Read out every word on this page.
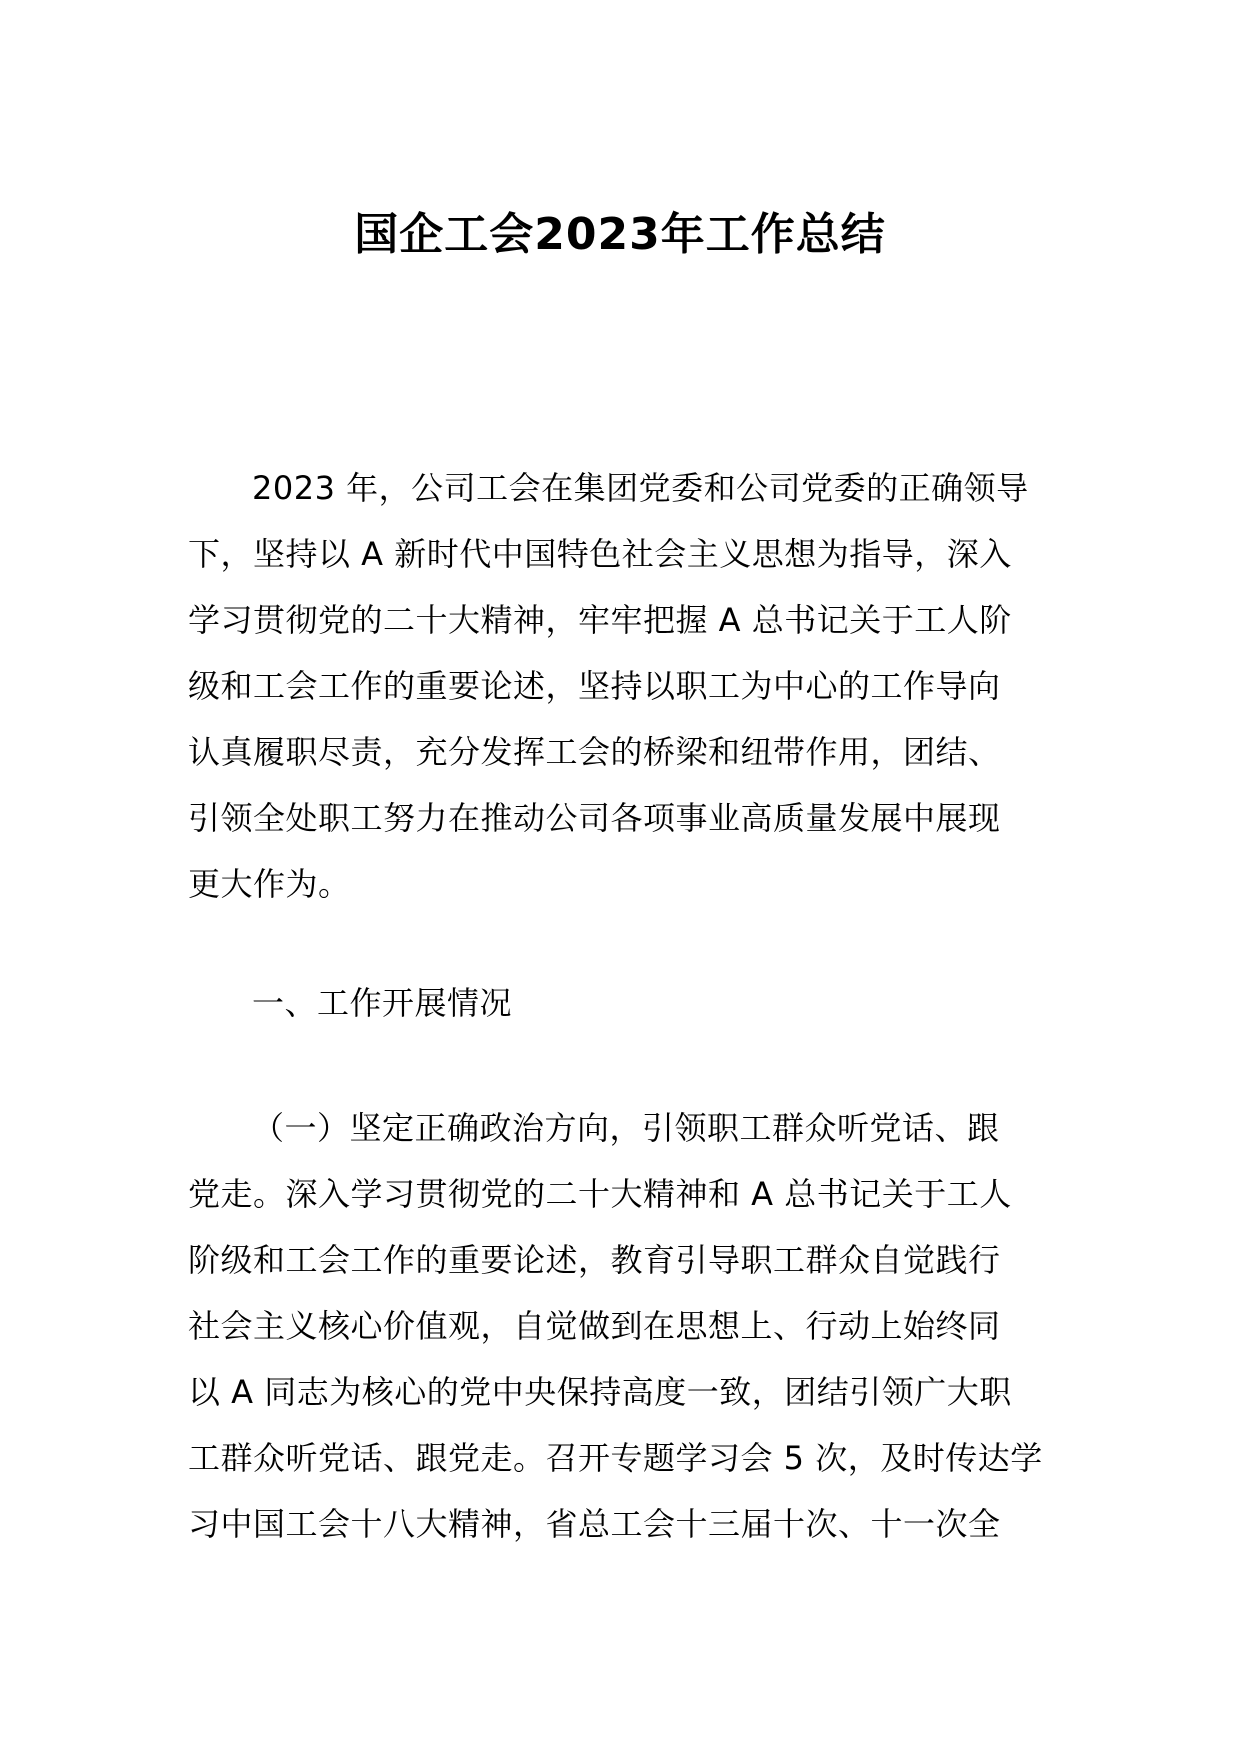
国企工会2023年工作总结
2023 年，公司工会在集团党委和公司党委的正确领导
下，坚持以 A 新时代中国特色社会主义思想为指导，深入
学习贯彻党的二十大精神，牢牢把握 A 总书记关于工人阶
级和工会工作的重要论述，坚持以职工为中心的工作导向
认真履职尽责，充分发挥工会的桥梁和纽带作用，团结、
引领全处职工努力在推动公司各项事业高质量发展中展现
更大作为。
一、工作开展情况
（一）坚定正确政治方向，引领职工群众听党话、跟
党走。深入学习贯彻党的二十大精神和 A 总书记关于工人
阶级和工会工作的重要论述，教育引导职工群众自觉践行
社会主义核心价值观，自觉做到在思想上、行动上始终同
以 A 同志为核心的党中央保持高度一致，团结引领广大职
工群众听党话、跟党走。召开专题学习会 5 次，及时传达学
习中国工会十八大精神，省总工会十三届十次、十一次全
